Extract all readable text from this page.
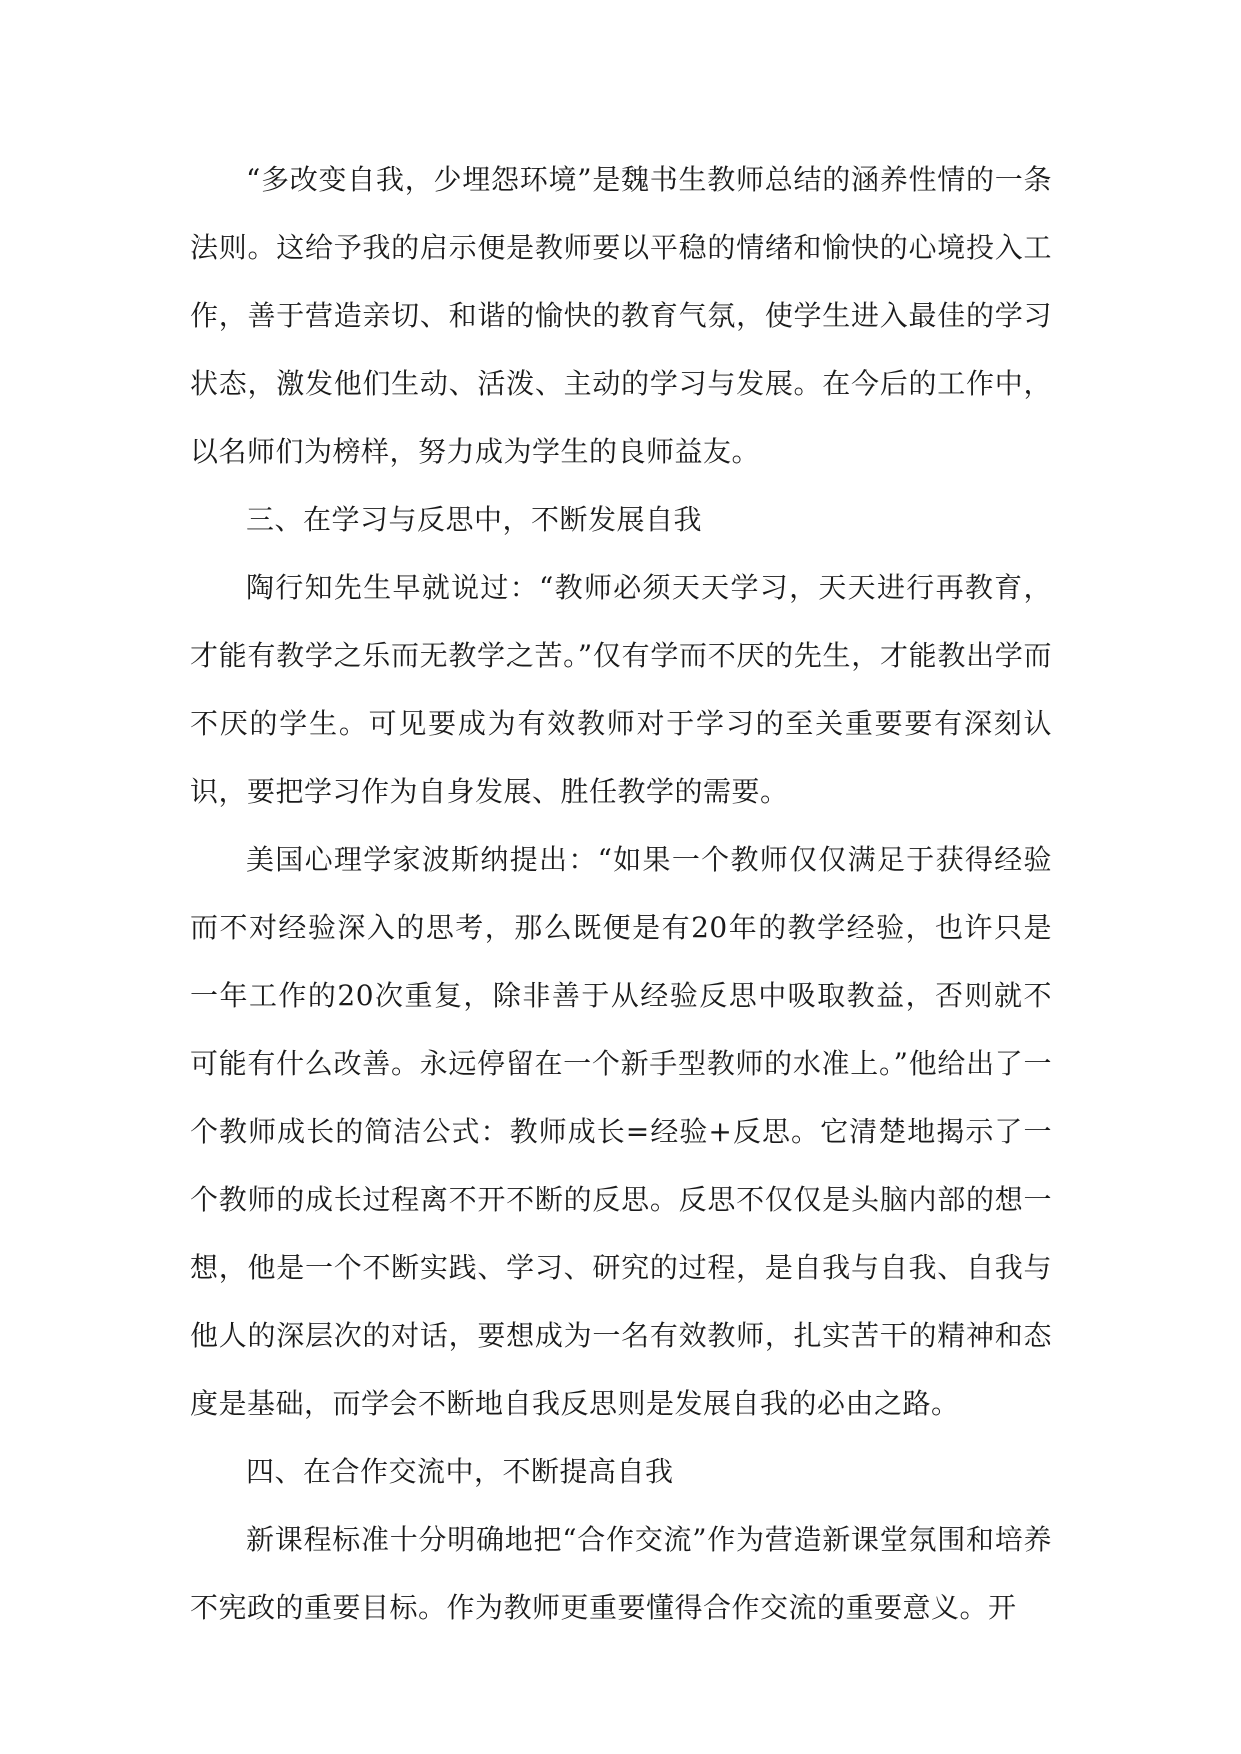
“多改变自我，少埋怨环境”是魏书生教师总结的涵养性情的一条法则。这给予我的启示便是教师要以平稳的情绪和愉快的心境投入工作，善于营造亲切、和谐的愉快的教育气氛，使学生进入最佳的学习状态，激发他们生动、活泼、主动的学习与发展。在今后的工作中，以名师们为榜样，努力成为学生的良师益友。

三、在学习与反思中，不断发展自我

陶行知先生早就说过：“教师必须天天学习，天天进行再教育，才能有教学之乐而无教学之苦。”仅有学而不厌的先生，才能教出学而不厌的学生。可见要成为有效教师对于学习的至关重要要有深刻认识，要把学习作为自身发展、胜任教学的需要。

美国心理学家波斯纳提出：“如果一个教师仅仅满足于获得经验而不对经验深入的思考，那么既便是有20年的教学经验，也许只是一年工作的20次重复，除非善于从经验反思中吸取教益，否则就不可能有什么改善。永远停留在一个新手型教师的水准上。”他给出了一个教师成长的简洁公式：教师成长=经验+反思。它清楚地揭示了一个教师的成长过程离不开不断的反思。反思不仅仅是头脑内部的想一想，他是一个不断实践、学习、研究的过程，是自我与自我、自我与他人的深层次的对话，要想成为一名有效教师，扎实苦干的精神和态度是基础，而学会不断地自我反思则是发展自我的必由之路。

四、在合作交流中，不断提高自我

新课程标准十分明确地把“合作交流”作为营造新课堂氛围和培养不宪政的重要目标。作为教师更重要懂得合作交流的重要意义。开
